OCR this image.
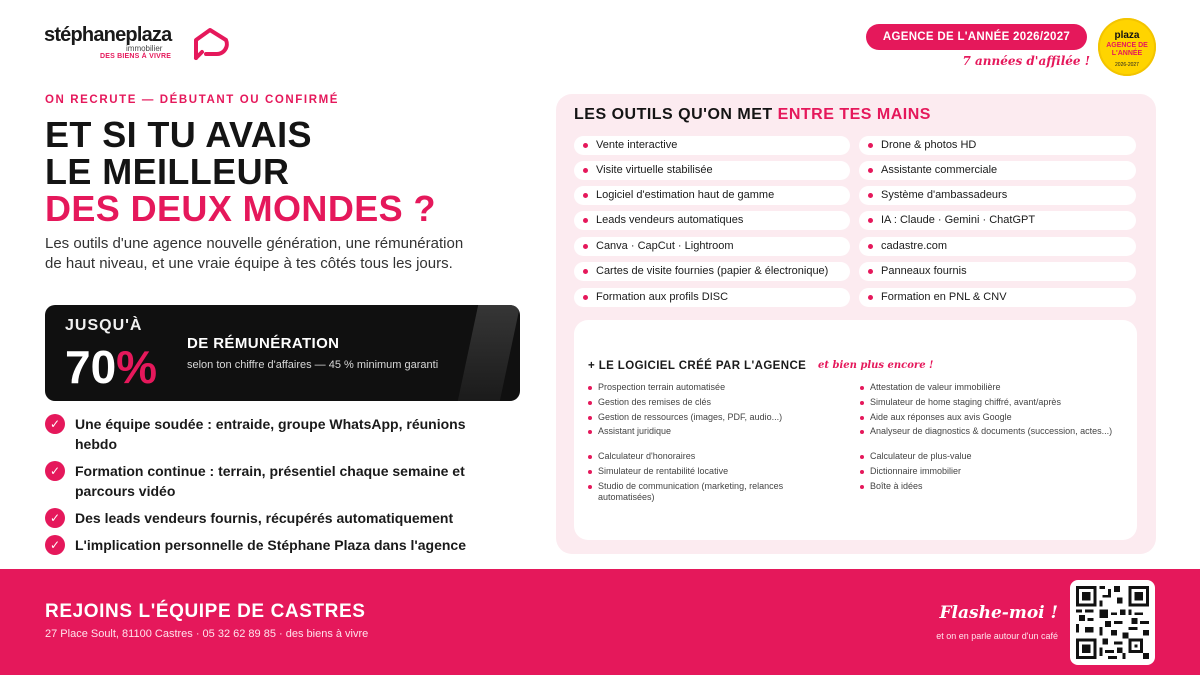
stéphaneplaza
immobilier
DES BIENS À VIVRE
AGENCE DE L'ANNÉE 2026/2027
7 années d'affilée !
plaza
AGENCE DE L'ANNÉE
2026-2027
ON RECRUTE — DÉBUTANT OU CONFIRMÉ
ET SI TU AVAIS
LE MEILLEUR
DES DEUX MONDES ?

Les outils d'une agence nouvelle génération, une rémunération de haut niveau, et une vraie équipe à tes côtés tous les jours.

JUSQU'À
70% DE RÉMUNÉRATION
selon ton chiffre d'affaires — 45 % minimum garanti
✓	Une équipe soudée : entraide, groupe WhatsApp, réunions hebdo
✓	Formation continue : terrain, présentiel chaque semaine et parcours vidéo
✓	Des leads vendeurs fournis, récupérés automatiquement
✓	L'implication personnelle de Stéphane Plaza dans l'agence
LES OUTILS QU'ON MET ENTRE TES MAINS
Vente interactive
Visite virtuelle stabilisée
Logiciel d'estimation haut de gamme
Leads vendeurs automatiques
Canva · CapCut · Lightroom
Cartes de visite fournies (papier & électronique)
Formation aux profils DISC
Drone & photos HD
Assistante commerciale
Système d'ambassadeurs
IA : Claude · Gemini · ChatGPT
cadastre.com
Panneaux fournis
Formation en PNL & CNV
+ LE LOGICIEL CRÉÉ PAR L'AGENCE et bien plus encore !
Prospection terrain automatisée
Gestion des remises de clés
Gestion de ressources (images, PDF, audio...)
Assistant juridique
Calculateur d'honoraires
Simulateur de rentabilité locative
Studio de communication (marketing, relances automatisées)
Attestation de valeur immobilière
Simulateur de home staging chiffré, avant/après
Aide aux réponses aux avis Google
Analyseur de diagnostics & documents (succession, actes...)
Calculateur de plus-value
Dictionnaire immobilier
Boîte à idées
REJOINS L'ÉQUIPE DE CASTRES
27 Place Soult, 81100 Castres · 05 32 62 89 85 · des biens à vivre
Flashe-moi !
et on en parle autour d'un café
